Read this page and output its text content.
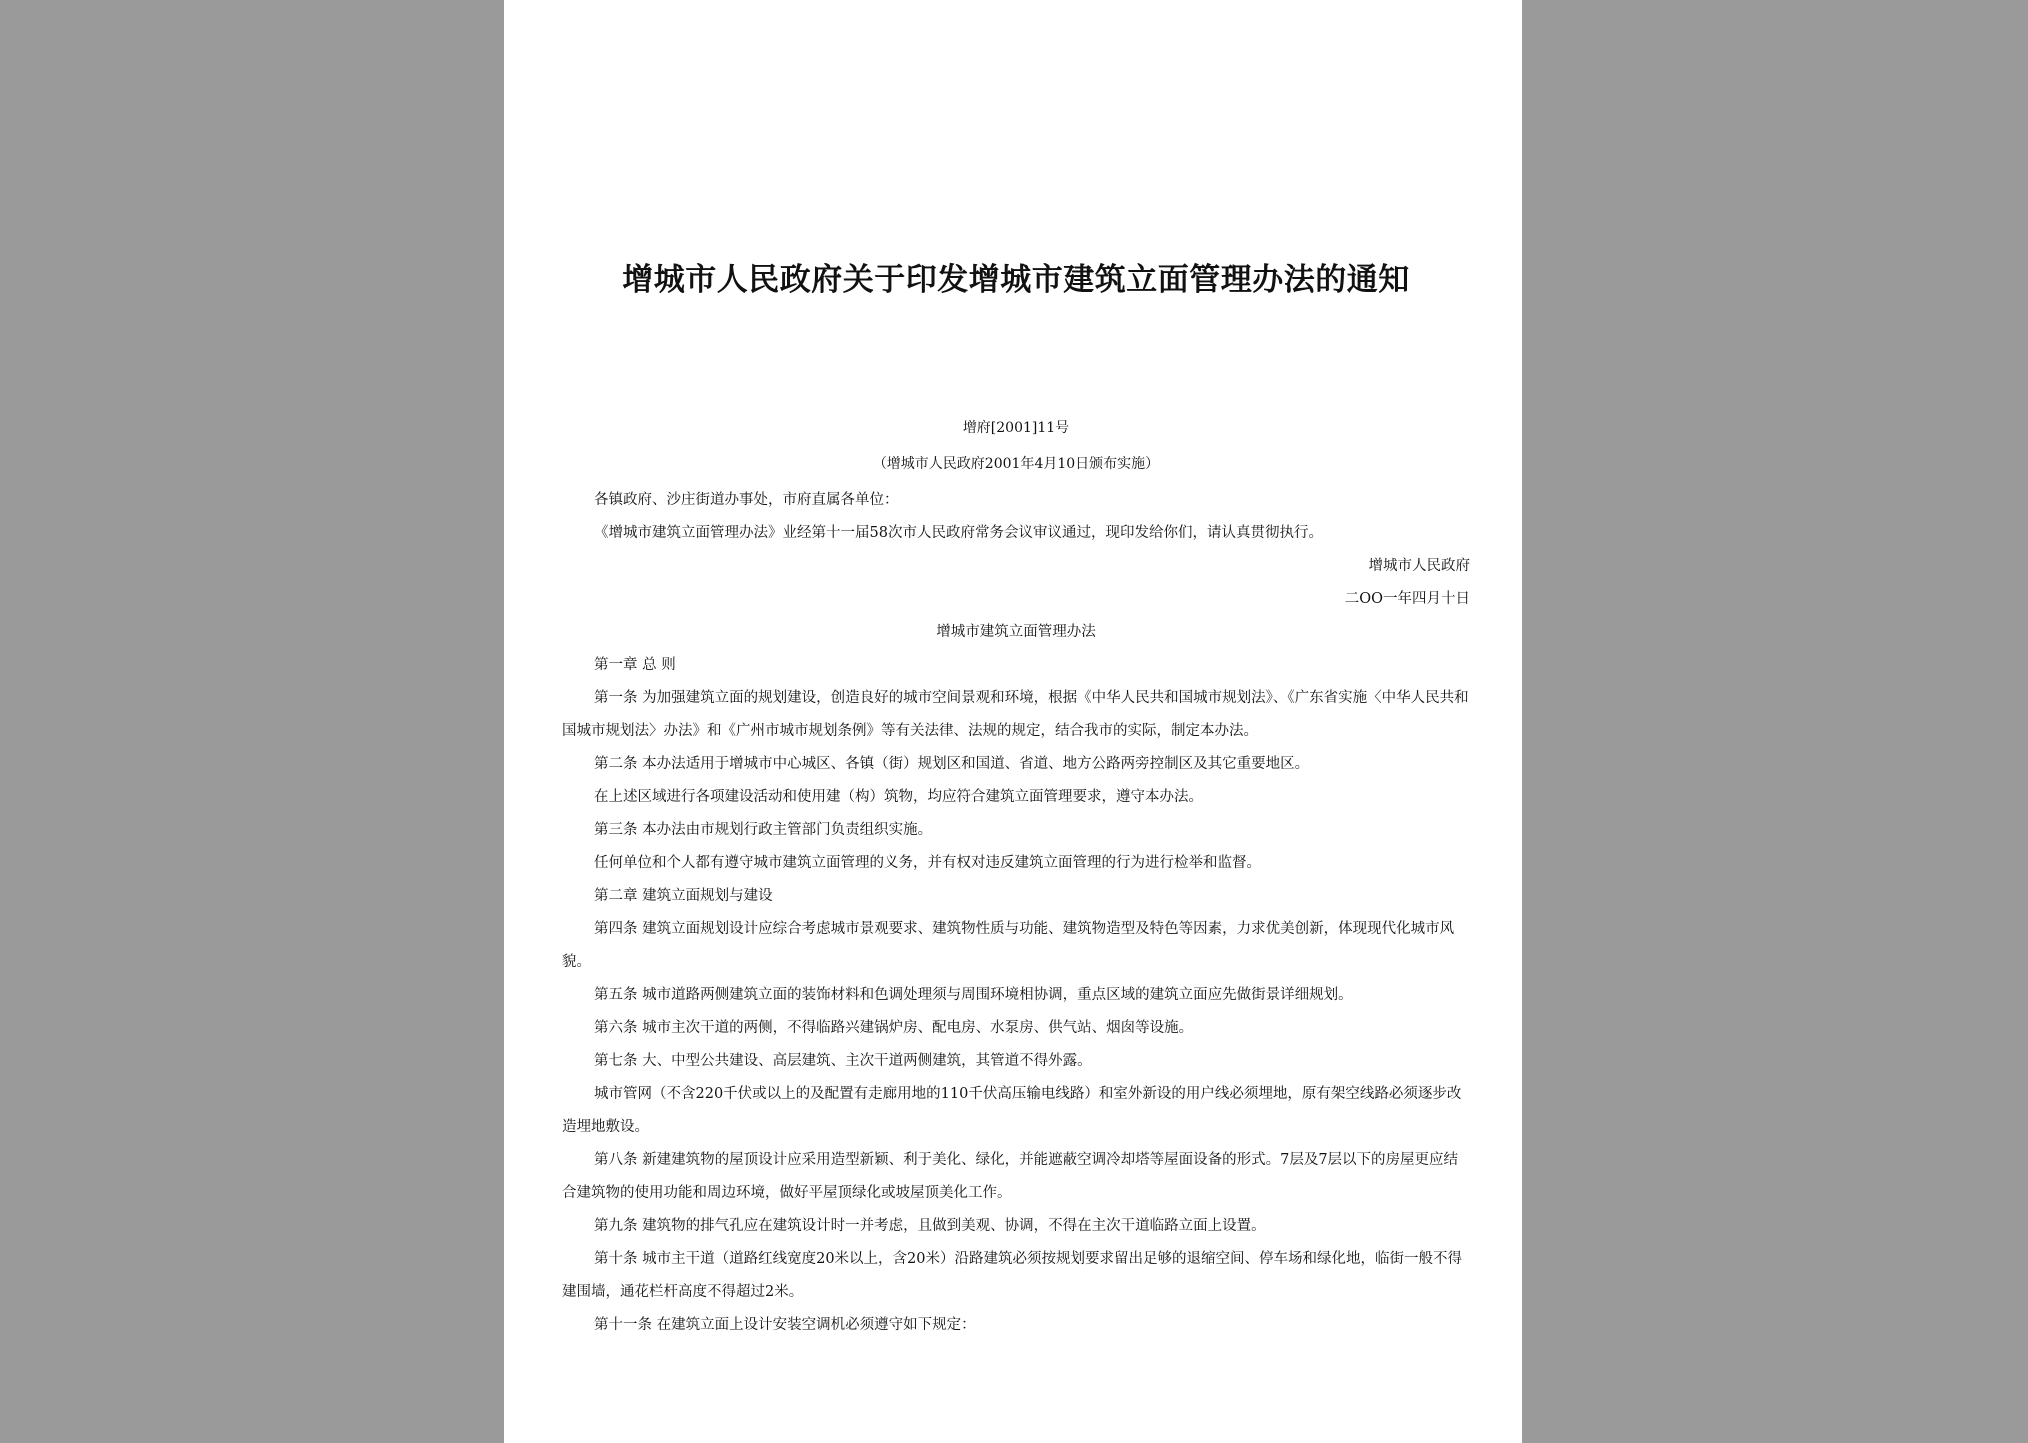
增城市人民政府关于印发增城市建筑立面管理办法的通知
增府[2001]11号
（增城市人民政府2001年4月10日颁布实施）

各镇政府、沙庄街道办事处，市府直属各单位：

《增城市建筑立面管理办法》业经第十一届58次市人民政府常务会议审议通过，现印发给你们，请认真贯彻执行。

增城市人民政府

二OO一年四月十日

增城市建筑立面管理办法

第一章 总 则

第一条 为加强建筑立面的规划建设，创造良好的城市空间景观和环境，根据《中华人民共和国城市规划法》、《广东省实施〈中华人民共和国城市规划法〉办法》和《广州市城市规划条例》等有关法律、法规的规定，结合我市的实际，制定本办法。

第二条 本办法适用于增城市中心城区、各镇（街）规划区和国道、省道、地方公路两旁控制区及其它重要地区。

在上述区域进行各项建设活动和使用建（构）筑物，均应符合建筑立面管理要求，遵守本办法。

第三条 本办法由市规划行政主管部门负责组织实施。

任何单位和个人都有遵守城市建筑立面管理的义务，并有权对违反建筑立面管理的行为进行检举和监督。

第二章 建筑立面规划与建设

第四条 建筑立面规划设计应综合考虑城市景观要求、建筑物性质与功能、建筑物造型及特色等因素，力求优美创新，体现现代化城市风貌。

第五条 城市道路两侧建筑立面的装饰材料和色调处理须与周围环境相协调，重点区域的建筑立面应先做街景详细规划。

第六条 城市主次干道的两侧，不得临路兴建锅炉房、配电房、水泵房、供气站、烟囱等设施。

第七条 大、中型公共建设、高层建筑、主次干道两侧建筑，其管道不得外露。

城市管网（不含220千伏或以上的及配置有走廊用地的110千伏高压输电线路）和室外新设的用户线必须埋地，原有架空线路必须逐步改造埋地敷设。

第八条 新建建筑物的屋顶设计应采用造型新颖、利于美化、绿化，并能遮蔽空调冷却塔等屋面设备的形式。7层及7层以下的房屋更应结合建筑物的使用功能和周边环境，做好平屋顶绿化或坡屋顶美化工作。

第九条 建筑物的排气孔应在建筑设计时一并考虑，且做到美观、协调，不得在主次干道临路立面上设置。

第十条 城市主干道（道路红线宽度20米以上，含20米）沿路建筑必须按规划要求留出足够的退缩空间、停车场和绿化地，临街一般不得建围墙，通花栏杆高度不得超过2米。

第十一条 在建筑立面上设计安装空调机必须遵守如下规定：
